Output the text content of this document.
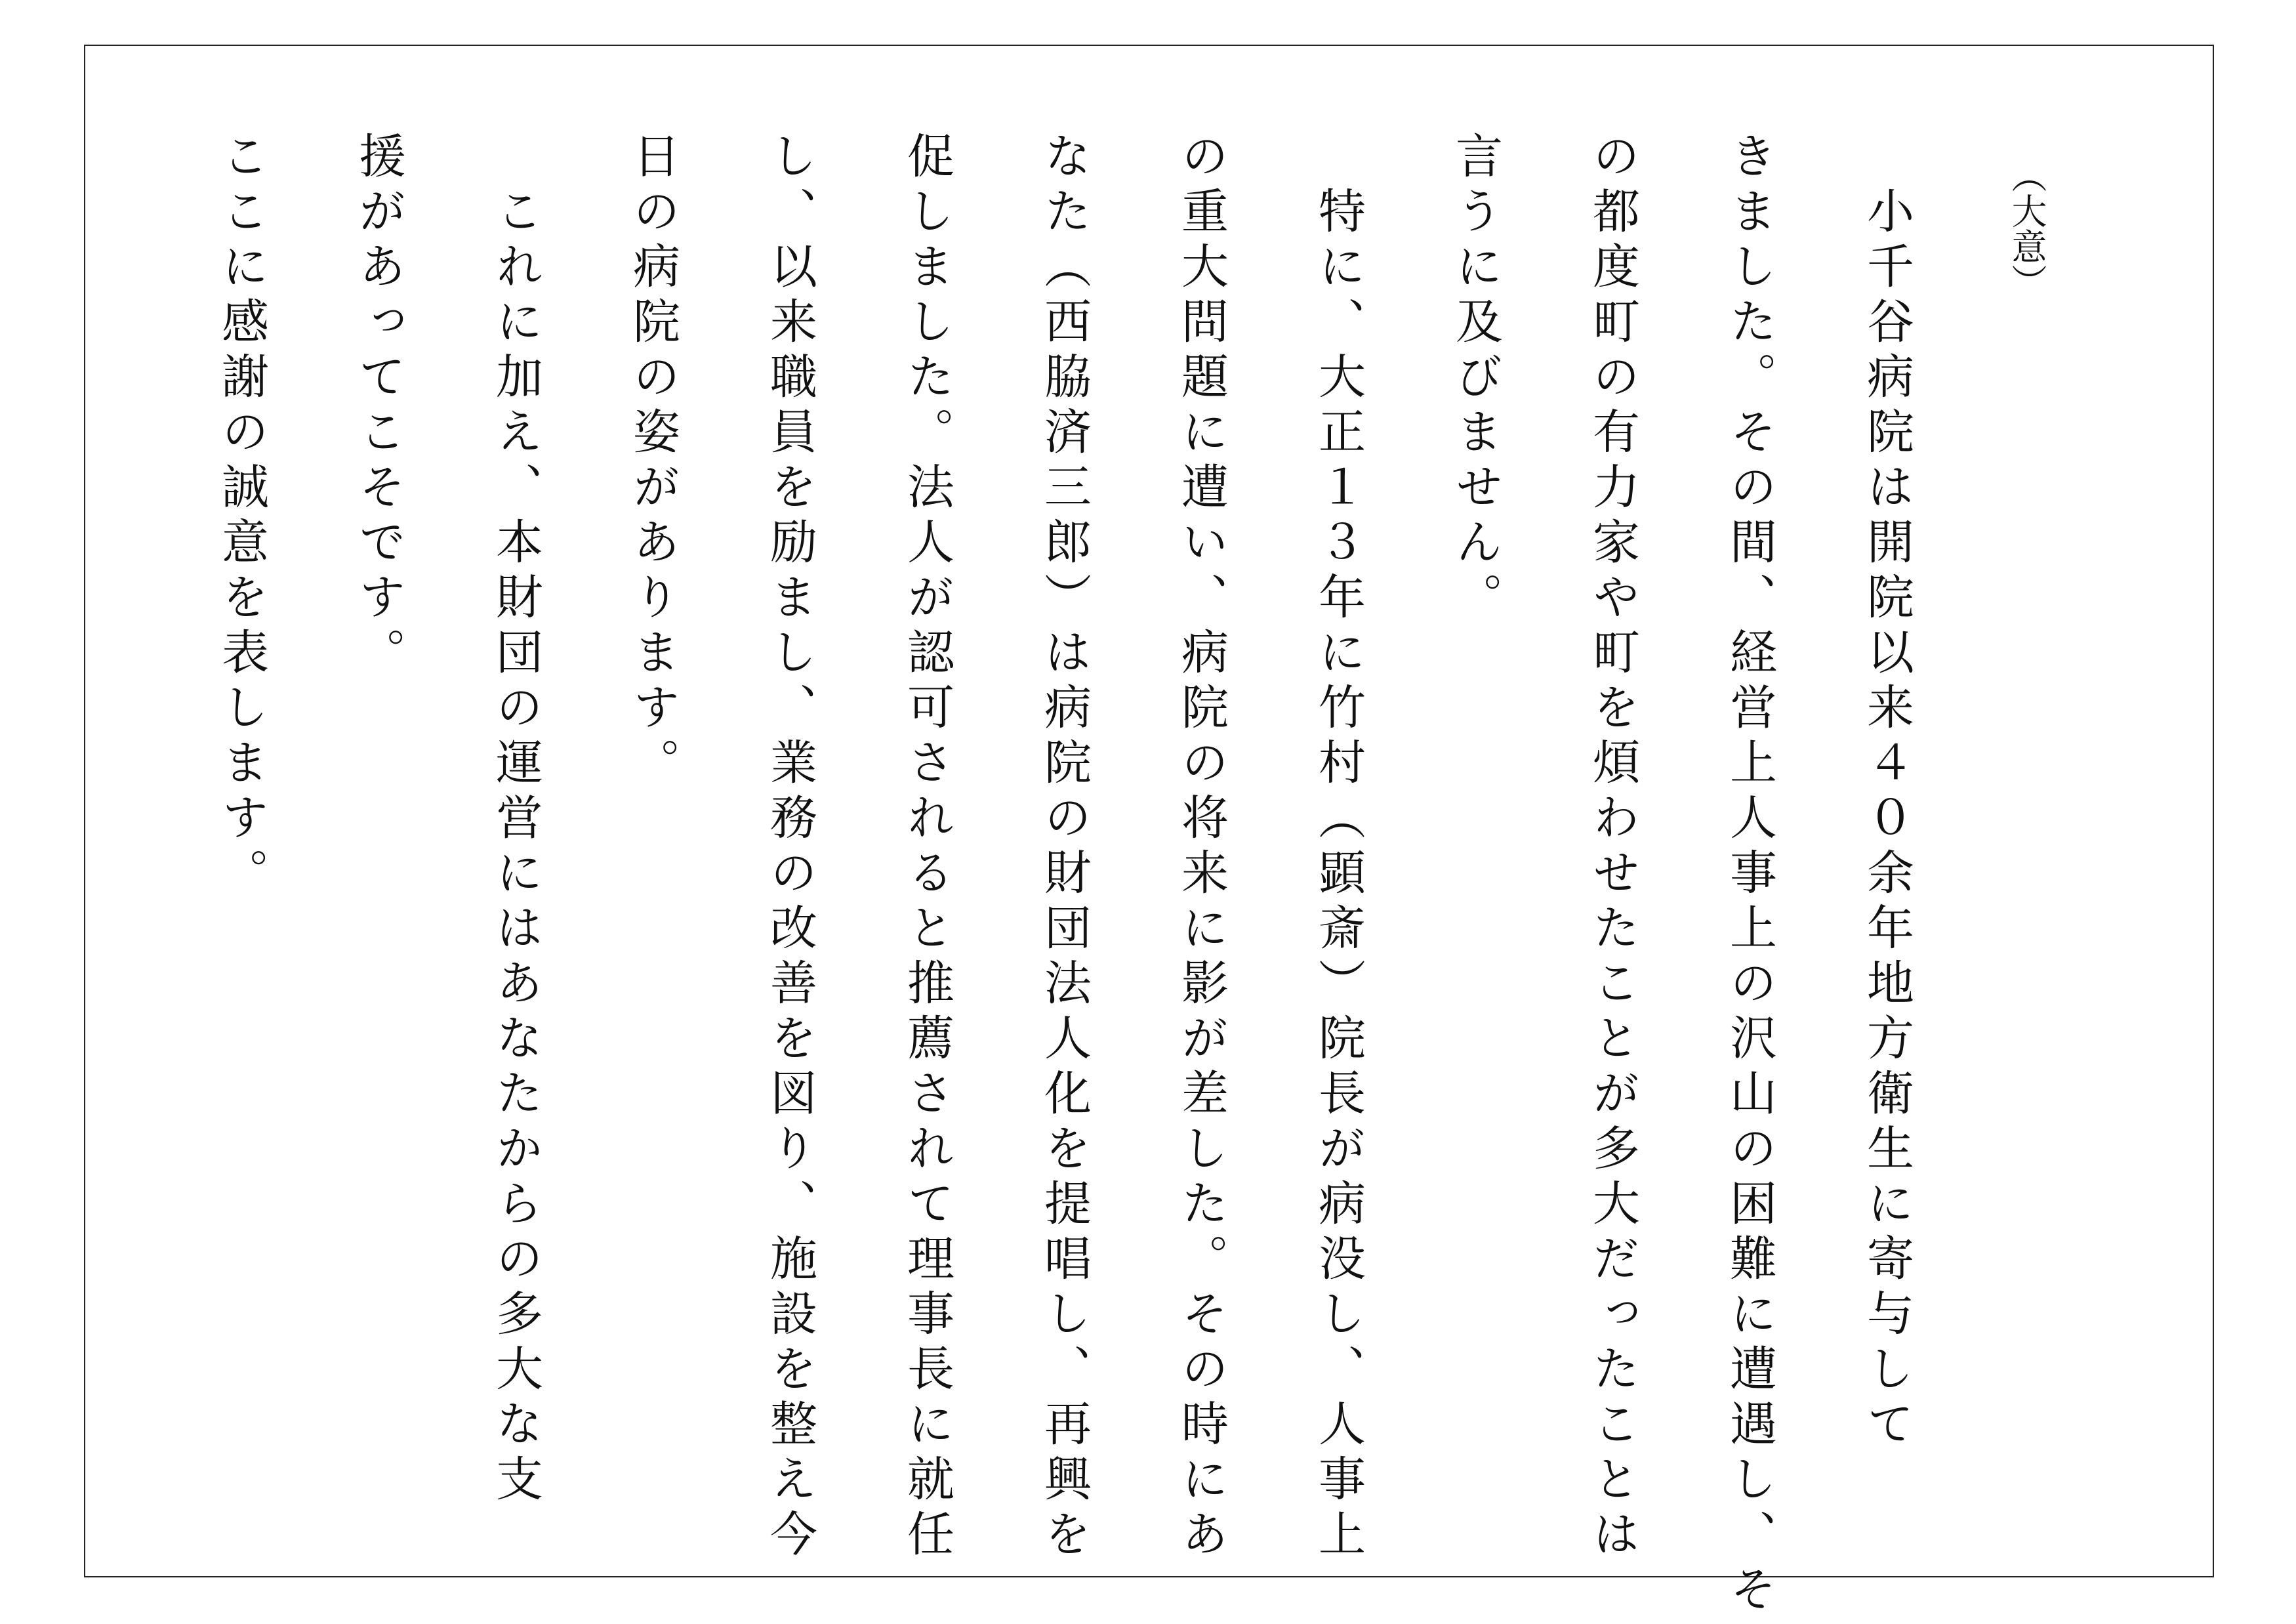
（大意）
　小千谷病院は開院以来４０余年地方衛生に寄与して
きました。その間、経営上人事上の沢山の困難に遭遇し、そ
の都度町の有力家や町を煩わせたことが多大だったことは
言うに及びません。
　特に、大正１３年に竹村（顕斎）院長が病没し、人事上
の重大問題に遭い、病院の将来に影が差した。その時にあ
なた（西脇済三郎）は病院の財団法人化を提唱し、再興を
促しました。法人が認可されると推薦されて理事長に就任
し、以来職員を励まし、業務の改善を図り、施設を整え今
日の病院の姿があります。
　これに加え、本財団の運営にはあなたからの多大な支
援があってこそです。
ここに感謝の誠意を表します。
